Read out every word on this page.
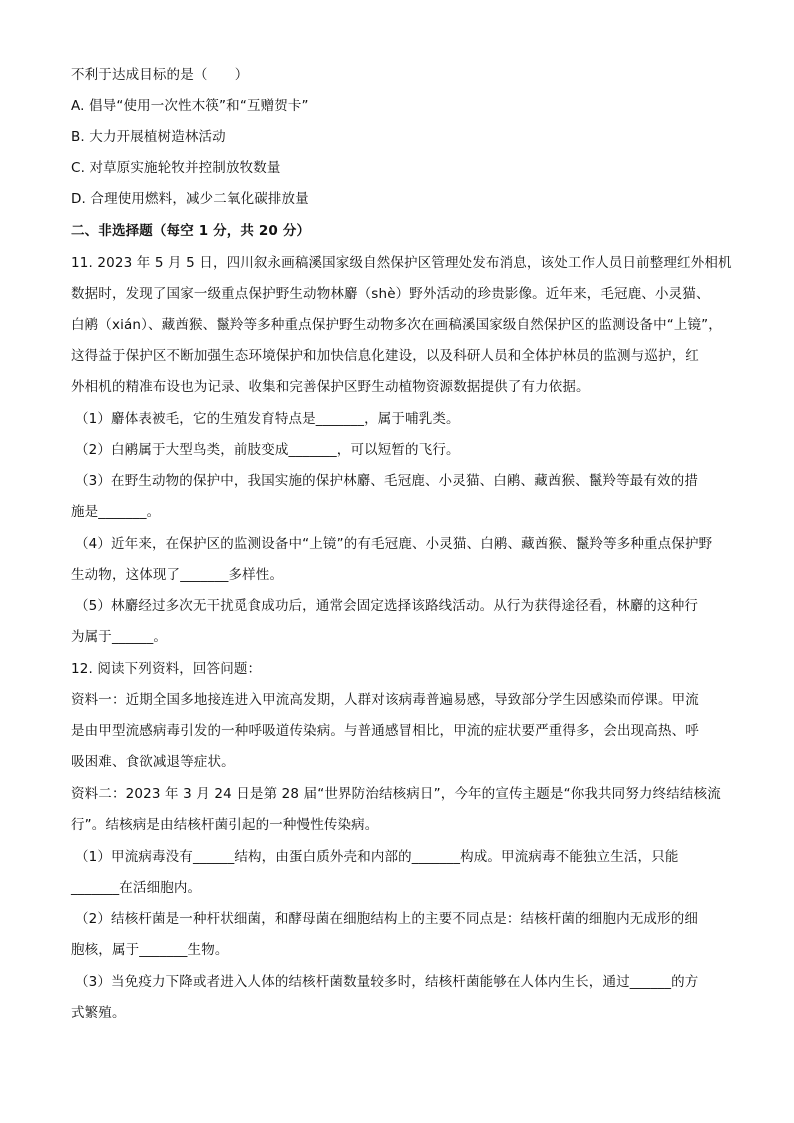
不利于达成目标的是（　　）
A. 倡导“使用一次性木筷”和“互赠贺卡”
B. 大力开展植树造林活动
C. 对草原实施轮牧并控制放牧数量
D. 合理使用燃料，减少二氧化碳排放量
二、非选择题（每空 1 分，共 20 分）
11. 2023 年 5 月 5 日，四川叙永画稿溪国家级自然保护区管理处发布消息，该处工作人员日前整理红外相机
数据时，发现了国家一级重点保护野生动物林麝（shè）野外活动的珍贵影像。近年来，毛冠鹿、小灵猫、
白鹇（xián）、藏酋猴、鬣羚等多种重点保护野生动物多次在画稿溪国家级自然保护区的监测设备中“上镜”，
这得益于保护区不断加强生态环境保护和加快信息化建设，以及科研人员和全体护林员的监测与巡护，红
外相机的精准布设也为记录、收集和完善保护区野生动植物资源数据提供了有力依据。
（1）麝体表被毛，它的生殖发育特点是_______，属于哺乳类。
（2）白鹇属于大型鸟类，前肢变成_______，可以短暂的飞行。
（3）在野生动物的保护中，我国实施的保护林麝、毛冠鹿、小灵猫、白鹇、藏酋猴、鬣羚等最有效的措
施是_______。
（4）近年来，在保护区的监测设备中“上镜”的有毛冠鹿、小灵猫、白鹇、藏酋猴、鬣羚等多种重点保护野
生动物，这体现了_______多样性。
（5）林麝经过多次无干扰觅食成功后，通常会固定选择该路线活动。从行为获得途径看，林麝的这种行
为属于______。
12. 阅读下列资料，回答问题：
资料一：近期全国多地接连进入甲流高发期，人群对该病毒普遍易感，导致部分学生因感染而停课。甲流
是由甲型流感病毒引发的一种呼吸道传染病。与普通感冒相比，甲流的症状要严重得多，会出现高热、呼
吸困难、食欲减退等症状。
资料二：2023 年 3 月 24 日是第 28 届“世界防治结核病日”，今年的宣传主题是“你我共同努力终结结核流
行”。结核病是由结核杆菌引起的一种慢性传染病。
（1）甲流病毒没有______结构，由蛋白质外壳和内部的_______构成。甲流病毒不能独立生活，只能
_______在活细胞内。
（2）结核杆菌是一种杆状细菌，和酵母菌在细胞结构上的主要不同点是：结核杆菌的细胞内无成形的细
胞核，属于_______生物。
（3）当免疫力下降或者进入人体的结核杆菌数量较多时，结核杆菌能够在人体内生长，通过______的方
式繁殖。
